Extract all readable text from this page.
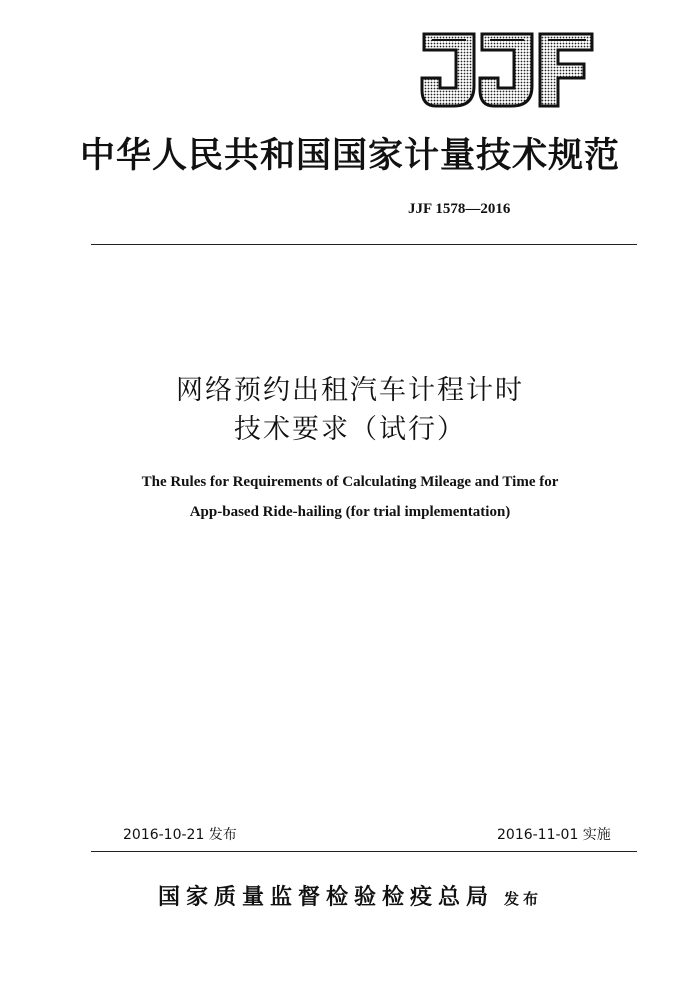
中华人民共和国国家计量技术规范
JJF 1578—2016
网络预约出租汽车计程计时
技术要求（试行）
The Rules for Requirements of Calculating Mileage and Time for
App-based Ride-hailing (for trial implementation)
2016-10-21 发布	2016-11-01 实施
国家质量监督检验检疫总局 发布
